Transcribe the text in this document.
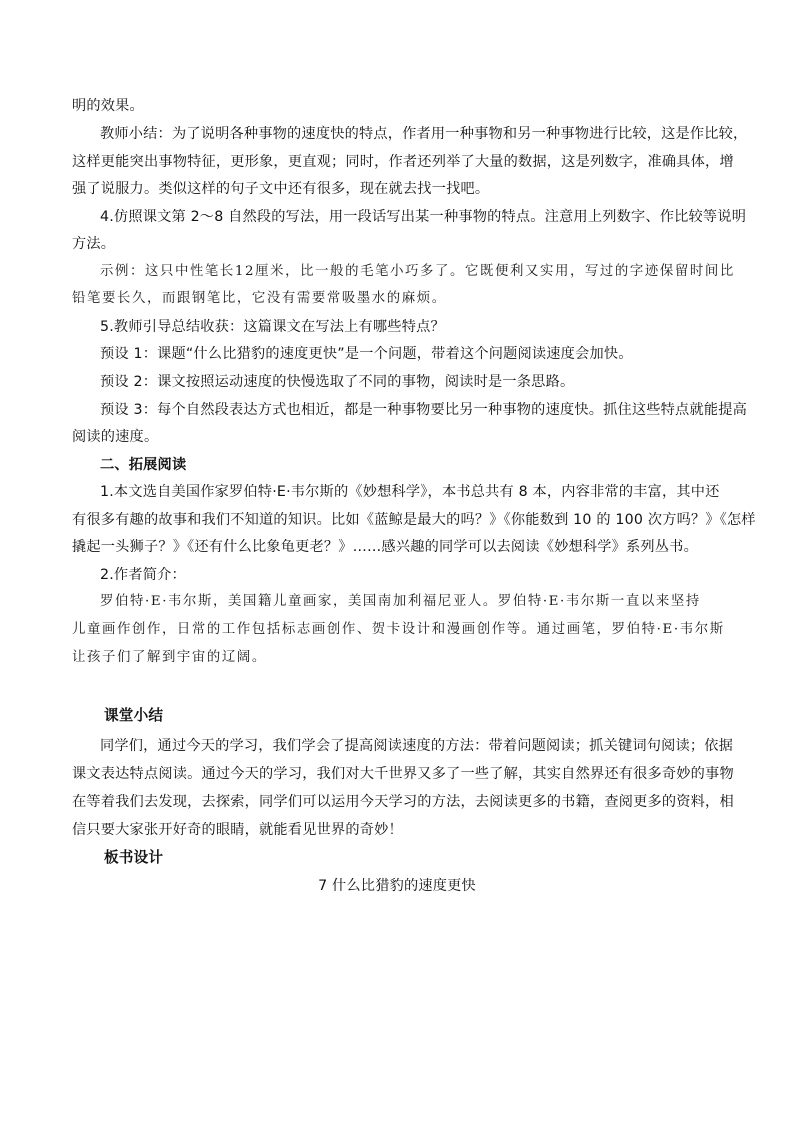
明的效果。
教师小结：为了说明各种事物的速度快的特点，作者用一种事物和另一种事物进行比较，这是作比较，
这样更能突出事物特征，更形象，更直观；同时，作者还列举了大量的数据，这是列数字，准确具体，增
强了说服力。类似这样的句子文中还有很多，现在就去找一找吧。
4.仿照课文第 2～8 自然段的写法，用一段话写出某一种事物的特点。注意用上列数字、作比较等说明
方法。
示例：这只中性笔长12厘米，比一般的毛笔小巧多了。它既便利又实用，写过的字迹保留时间比
铅笔要长久，而跟钢笔比，它没有需要常吸墨水的麻烦。
5.教师引导总结收获：这篇课文在写法上有哪些特点？
预设 1：课题“什么比猎豹的速度更快”是一个问题，带着这个问题阅读速度会加快。
预设 2：课文按照运动速度的快慢选取了不同的事物，阅读时是一条思路。
预设 3：每个自然段表达方式也相近，都是一种事物要比另一种事物的速度快。抓住这些特点就能提高
阅读的速度。
二、拓展阅读
1.本文选自美国作家罗伯特·E·韦尔斯的《妙想科学》，本书总共有 8 本，内容非常的丰富，其中还
有很多有趣的故事和我们不知道的知识。比如《蓝鲸是最大的吗？》《你能数到 10 的 100 次方吗？》《怎样
撬起一头狮子？》《还有什么比象龟更老？》……感兴趣的同学可以去阅读《妙想科学》系列丛书。
2.作者简介：
罗伯特·E·韦尔斯，美国籍儿童画家，美国南加利福尼亚人。罗伯特·E·韦尔斯一直以来坚持
儿童画作创作，日常的工作包括标志画创作、贺卡设计和漫画创作等。通过画笔，罗伯特·E·韦尔斯
让孩子们了解到宇宙的辽阔。
课堂小结
同学们，通过今天的学习，我们学会了提高阅读速度的方法：带着问题阅读；抓关键词句阅读；依据
课文表达特点阅读。通过今天的学习，我们对大千世界又多了一些了解，其实自然界还有很多奇妙的事物
在等着我们去发现，去探索，同学们可以运用今天学习的方法，去阅读更多的书籍，查阅更多的资料，相
信只要大家张开好奇的眼睛，就能看见世界的奇妙！
板书设计
7 什么比猎豹的速度更快
